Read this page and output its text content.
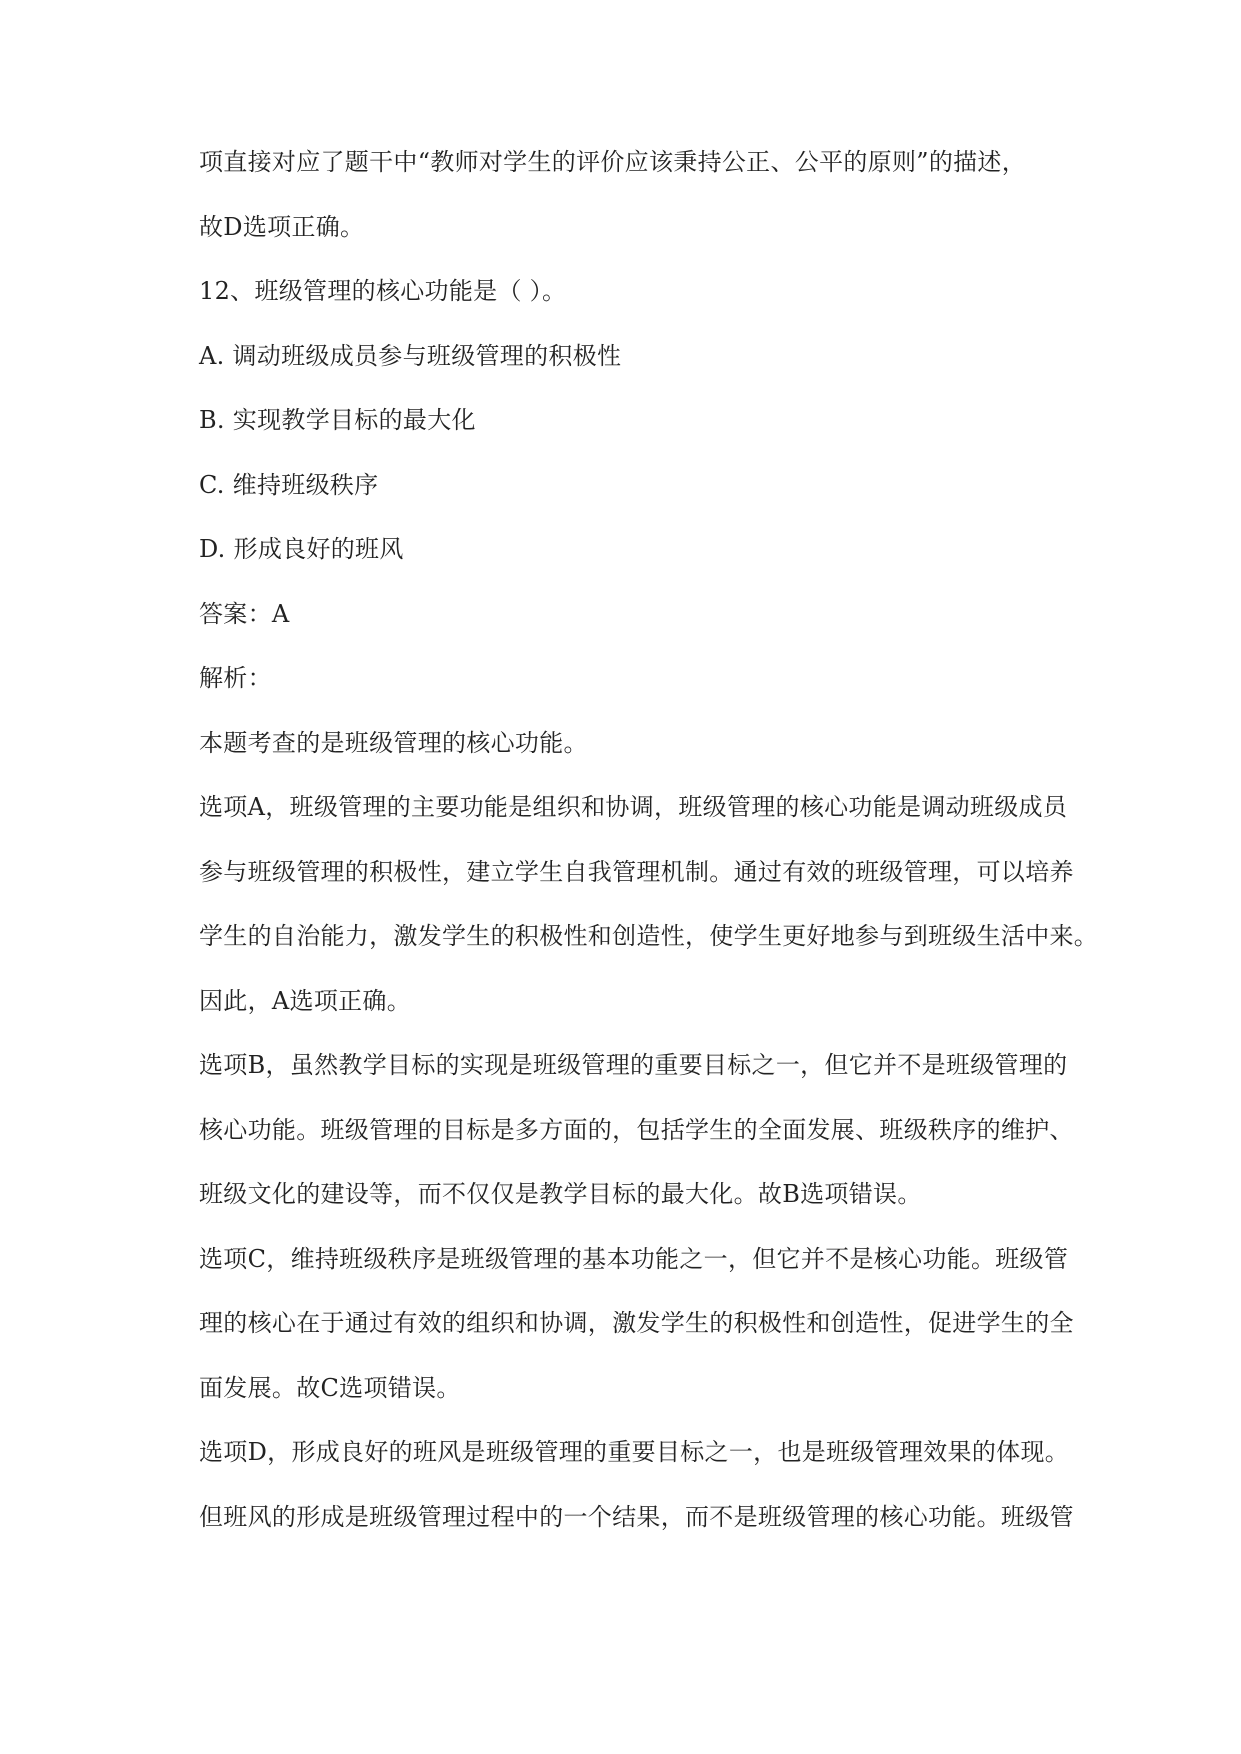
项直接对应了题干中“教师对学生的评价应该秉持公正、公平的原则”的描述，
故D选项正确。
12、班级管理的核心功能是（ ）。
A. 调动班级成员参与班级管理的积极性
B. 实现教学目标的最大化
C. 维持班级秩序
D. 形成良好的班风
答案：A
解析：
本题考查的是班级管理的核心功能。
选项A，班级管理的主要功能是组织和协调，班级管理的核心功能是调动班级成员
参与班级管理的积极性，建立学生自我管理机制。通过有效的班级管理，可以培养
学生的自治能力，激发学生的积极性和创造性，使学生更好地参与到班级生活中来。
因此，A选项正确。
选项B，虽然教学目标的实现是班级管理的重要目标之一，但它并不是班级管理的
核心功能。班级管理的目标是多方面的，包括学生的全面发展、班级秩序的维护、
班级文化的建设等，而不仅仅是教学目标的最大化。故B选项错误。
选项C，维持班级秩序是班级管理的基本功能之一，但它并不是核心功能。班级管
理的核心在于通过有效的组织和协调，激发学生的积极性和创造性，促进学生的全
面发展。故C选项错误。
选项D，形成良好的班风是班级管理的重要目标之一，也是班级管理效果的体现。
但班风的形成是班级管理过程中的一个结果，而不是班级管理的核心功能。班级管
